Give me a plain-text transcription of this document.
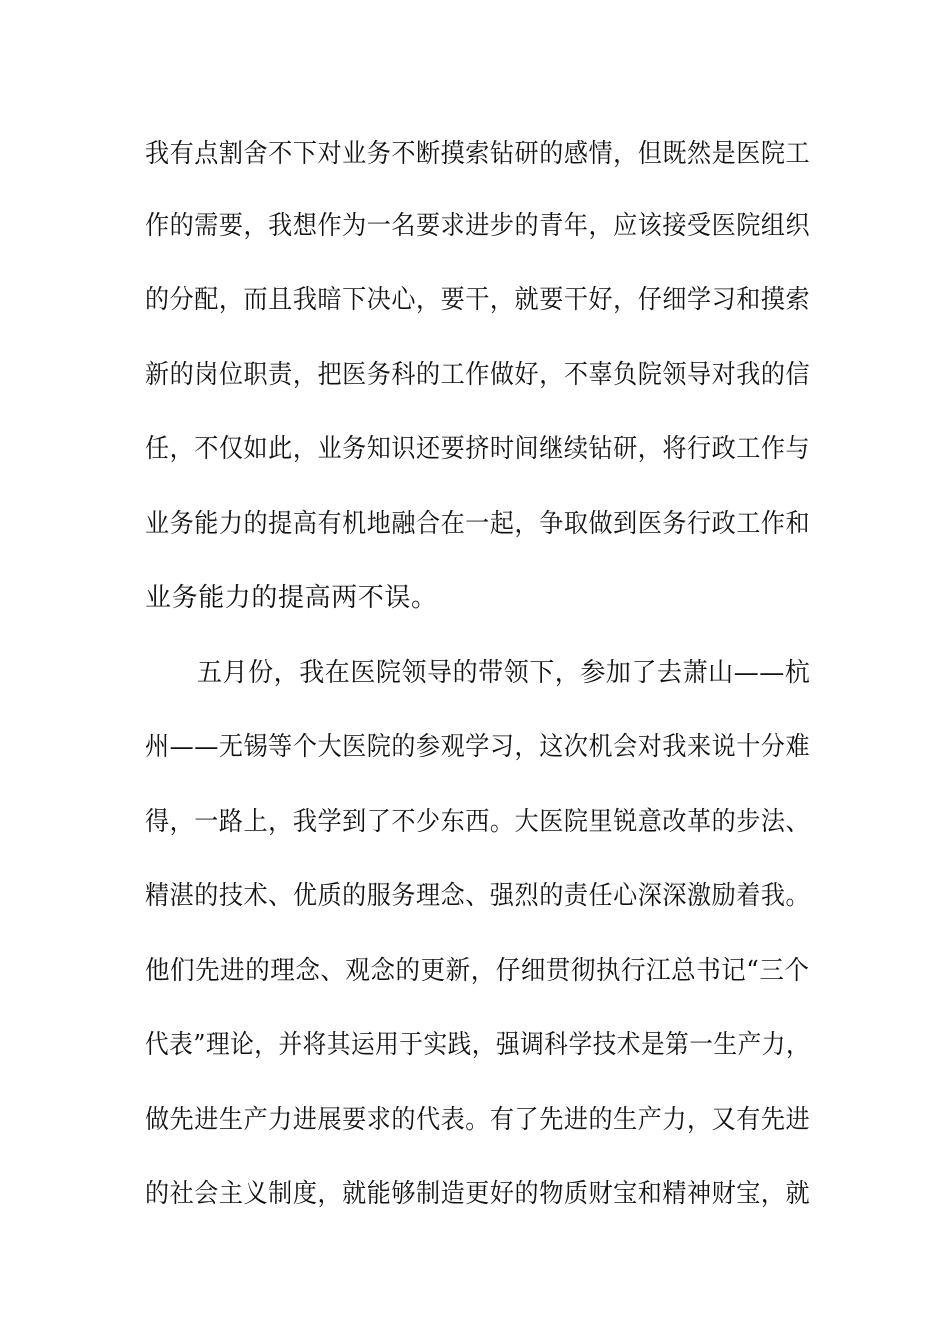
我有点割舍不下对业务不断摸索钻研的感情，但既然是医院工
作的需要，我想作为一名要求进步的青年，应该接受医院组织
的分配，而且我暗下决心，要干，就要干好，仔细学习和摸索
新的岗位职责，把医务科的工作做好，不辜负院领导对我的信
任，不仅如此，业务知识还要挤时间继续钻研，将行政工作与
业务能力的提高有机地融合在一起，争取做到医务行政工作和
业务能力的提高两不误。
五月份，我在医院领导的带领下，参加了去萧山——杭
州——无锡等个大医院的参观学习，这次机会对我来说十分难
得，一路上，我学到了不少东西。大医院里锐意改革的步法、
精湛的技术、优质的服务理念、强烈的责任心深深激励着我。
他们先进的理念、观念的更新，仔细贯彻执行江总书记“三个
代表”理论，并将其运用于实践，强调科学技术是第一生产力，
做先进生产力进展要求的代表。有了先进的生产力，又有先进
的社会主义制度，就能够制造更好的物质财宝和精神财宝，就
